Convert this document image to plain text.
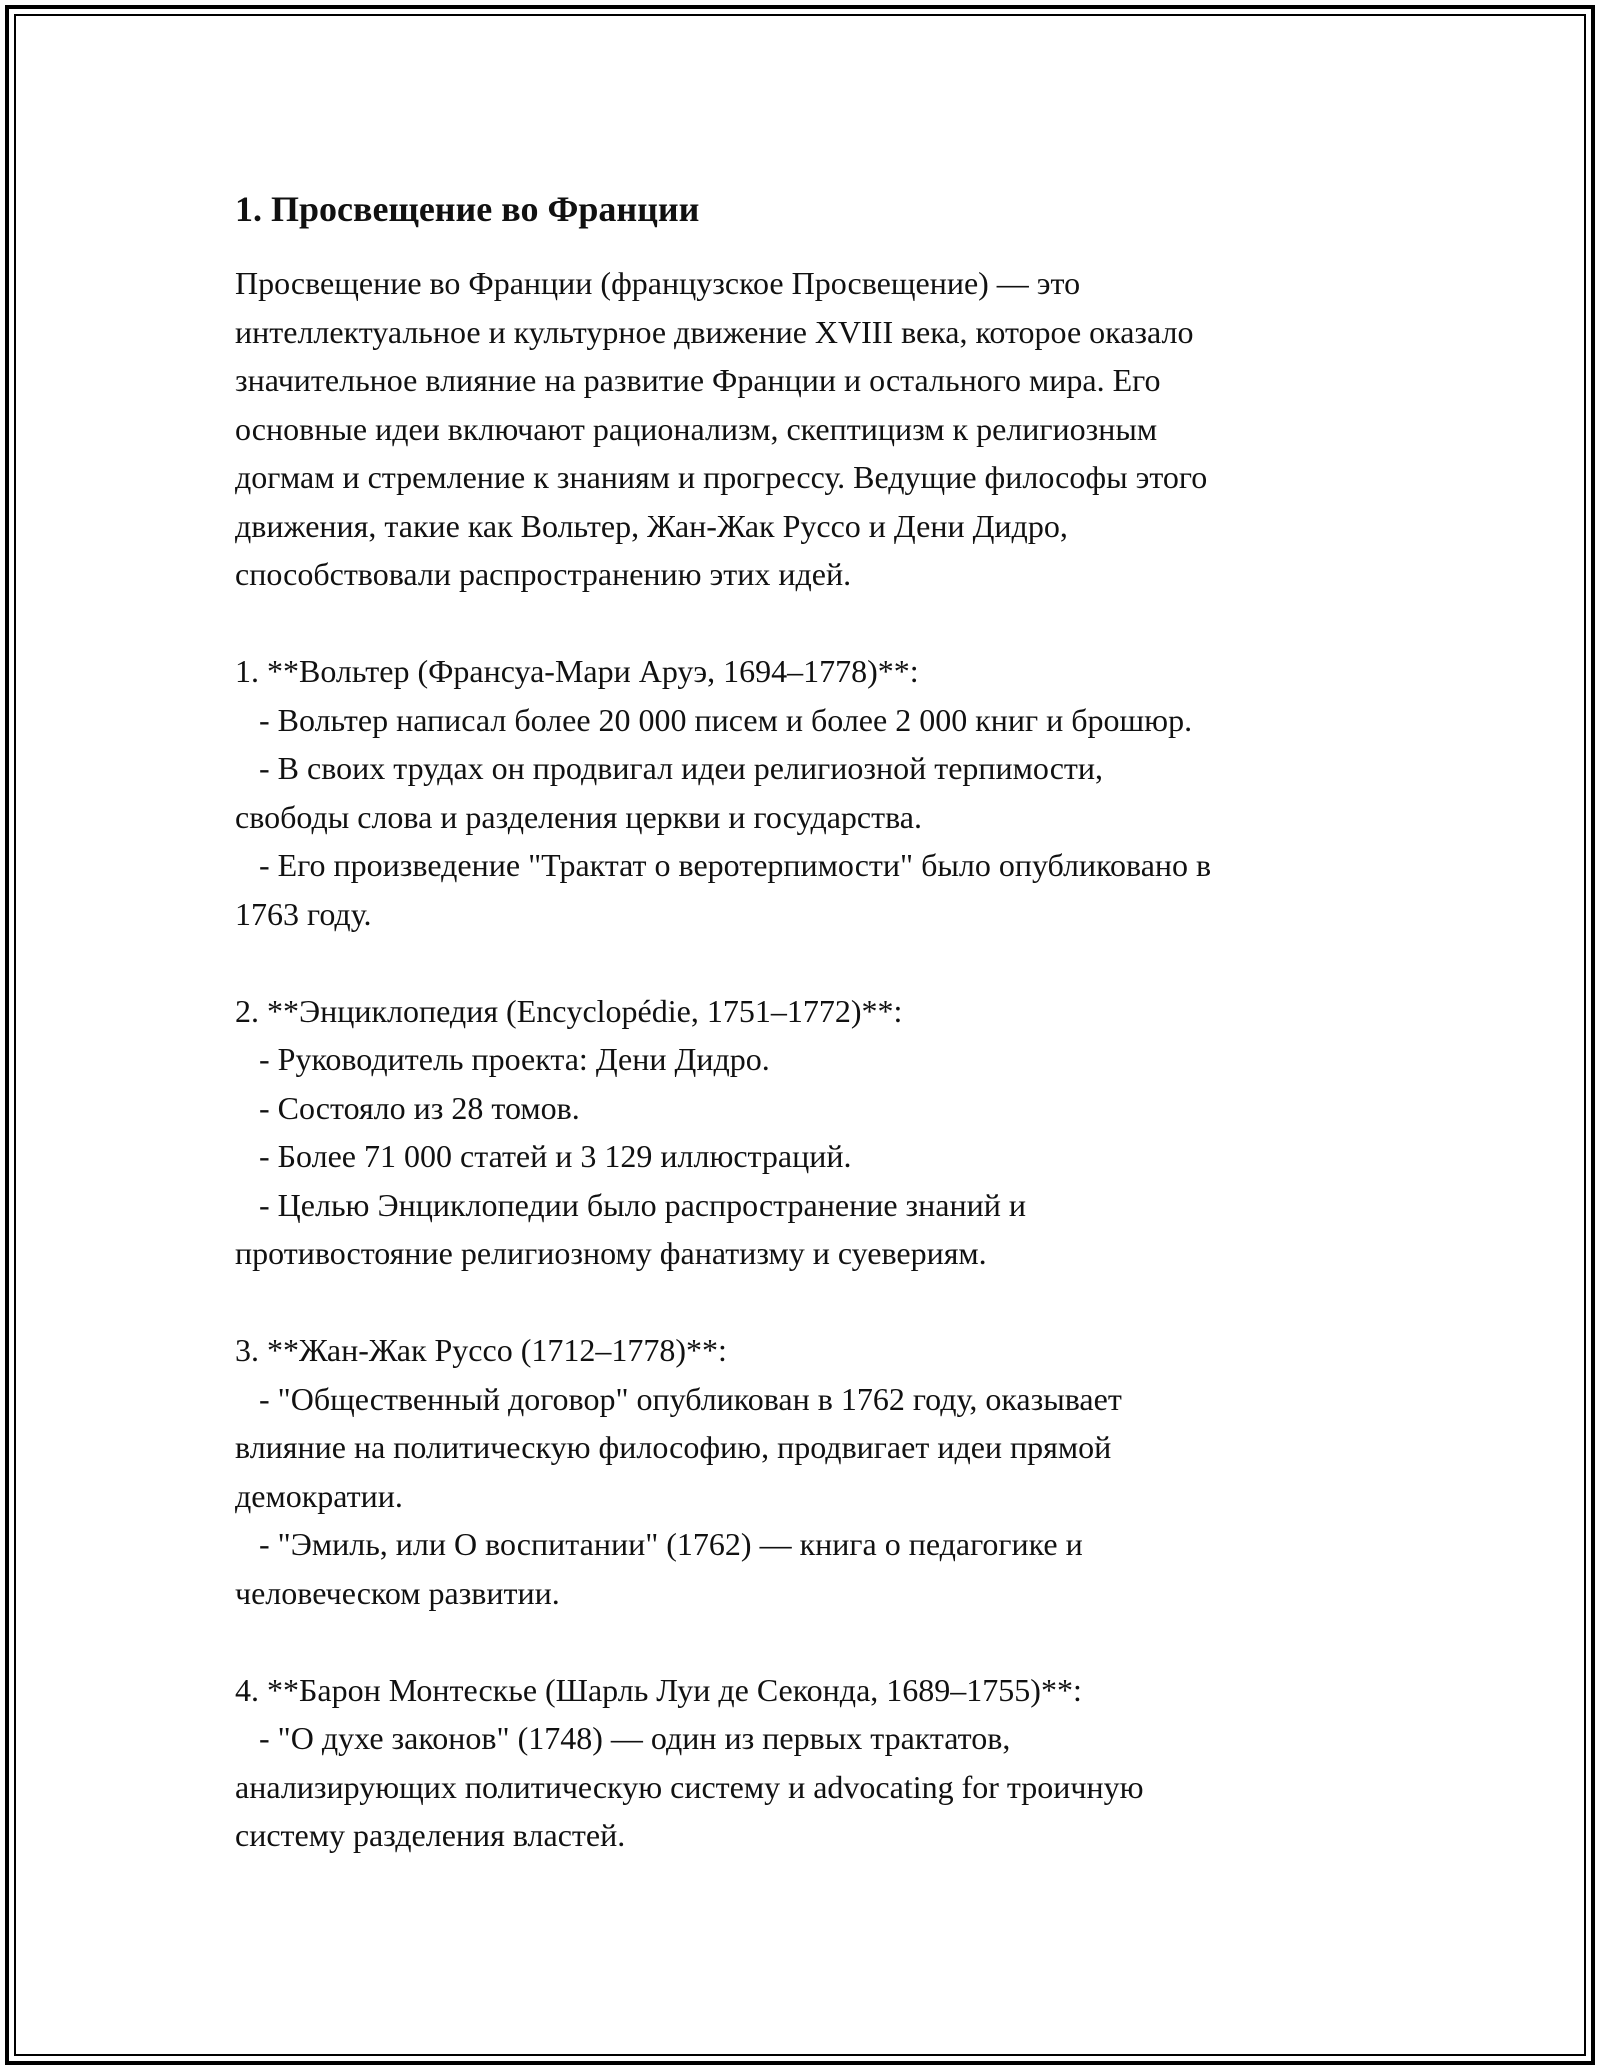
1. Просвещение во Франции
Просвещение во Франции (французское Просвещение) — это
интеллектуальное и культурное движение XVIII века, которое оказало
значительное влияние на развитие Франции и остального мира. Его
основные идеи включают рационализм, скептицизм к религиозным
догмам и стремление к знаниям и прогрессу. Ведущие философы этого
движения, такие как Вольтер, Жан-Жак Руссо и Дени Дидро,
способствовали распространению этих идей.
1. **Вольтер (Франсуа-Мари Аруэ, 1694–1778)**:
- Вольтер написал более 20 000 писем и более 2 000 книг и брошюр.
- В своих трудах он продвигал идеи религиозной терпимости,
свободы слова и разделения церкви и государства.
- Его произведение "Трактат о веротерпимости" было опубликовано в
1763 году.
2. **Энциклопедия (Encyclopédie, 1751–1772)**:
- Руководитель проекта: Дени Дидро.
- Состояло из 28 томов.
- Более 71 000 статей и 3 129 иллюстраций.
- Целью Энциклопедии было распространение знаний и
противостояние религиозному фанатизму и суевериям.
3. **Жан-Жак Руссо (1712–1778)**:
- "Общественный договор" опубликован в 1762 году, оказывает
влияние на политическую философию, продвигает идеи прямой
демократии.
- "Эмиль, или О воспитании" (1762) — книга о педагогике и
человеческом развитии.
4. **Барон Монтескье (Шарль Луи де Секонда, 1689–1755)**:
- "О духе законов" (1748) — один из первых трактатов,
анализирующих политическую систему и advocating for троичную
систему разделения властей.
